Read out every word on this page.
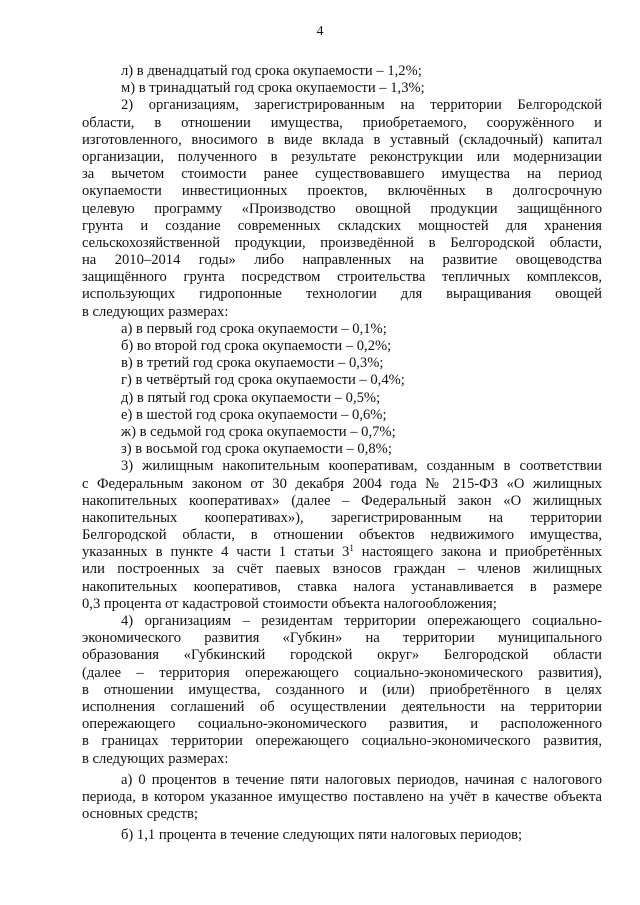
4
л) в двенадцатый год срока окупаемости – 1,2%;
м) в тринадцатый год срока окупаемости – 1,3%;
2) организациям, зарегистрированным на территории Белгородской
области, в отношении имущества, приобретаемого, сооружённого и
изготовленного, вносимого в виде вклада в уставный (складочный) капитал
организации, полученного в результате реконструкции или модернизации
за вычетом стоимости ранее существовавшего имущества на период
окупаемости инвестиционных проектов, включённых в долгосрочную
целевую программу «Производство овощной продукции защищённого
грунта и создание современных складских мощностей для хранения
сельскохозяйственной продукции, произведённой в Белгородской области,
на 2010–2014 годы» либо направленных на развитие овощеводства
защищённого грунта посредством строительства тепличных комплексов,
использующих гидропонные технологии для выращивания овощей
в следующих размерах:
а) в первый год срока окупаемости – 0,1%;
б) во второй год срока окупаемости – 0,2%;
в) в третий год срока окупаемости – 0,3%;
г) в четвёртый год срока окупаемости – 0,4%;
д) в пятый год срока окупаемости – 0,5%;
е) в шестой год срока окупаемости – 0,6%;
ж) в седьмой год срока окупаемости – 0,7%;
з) в восьмой год срока окупаемости – 0,8%;
3) жилищным накопительным кооперативам, созданным в соответствии
с Федеральным законом от 30 декабря 2004 года № 215-ФЗ «О жилищных
накопительных кооперативах» (далее – Федеральный закон «О жилищных
накопительных кооперативах»), зарегистрированным на территории
Белгородской области, в отношении объектов недвижимого имущества,
указанных в пункте 4 части 1 статьи $3^1$ настоящего закона и приобретённых
или построенных за счёт паевых взносов граждан – членов жилищных
накопительных кооперативов, ставка налога устанавливается в размере
0,3 процента от кадастровой стоимости объекта налогообложения;
4) организациям – резидентам территории опережающего социально-
экономического развития «Губкин» на территории муниципального
образования «Губкинский городской округ» Белгородской области
(далее – территория опережающего социально-экономического развития),
в отношении имущества, созданного и (или) приобретённого в целях
исполнения соглашений об осуществлении деятельности на территории
опережающего социально-экономического развития, и расположенного
в границах территории опережающего социально-экономического развития,
в следующих размерах:
а) 0 процентов в течение пяти налоговых периодов, начиная с налогового
периода, в котором указанное имущество поставлено на учёт в качестве объекта
основных средств;
б) 1,1 процента в течение следующих пяти налоговых периодов;
